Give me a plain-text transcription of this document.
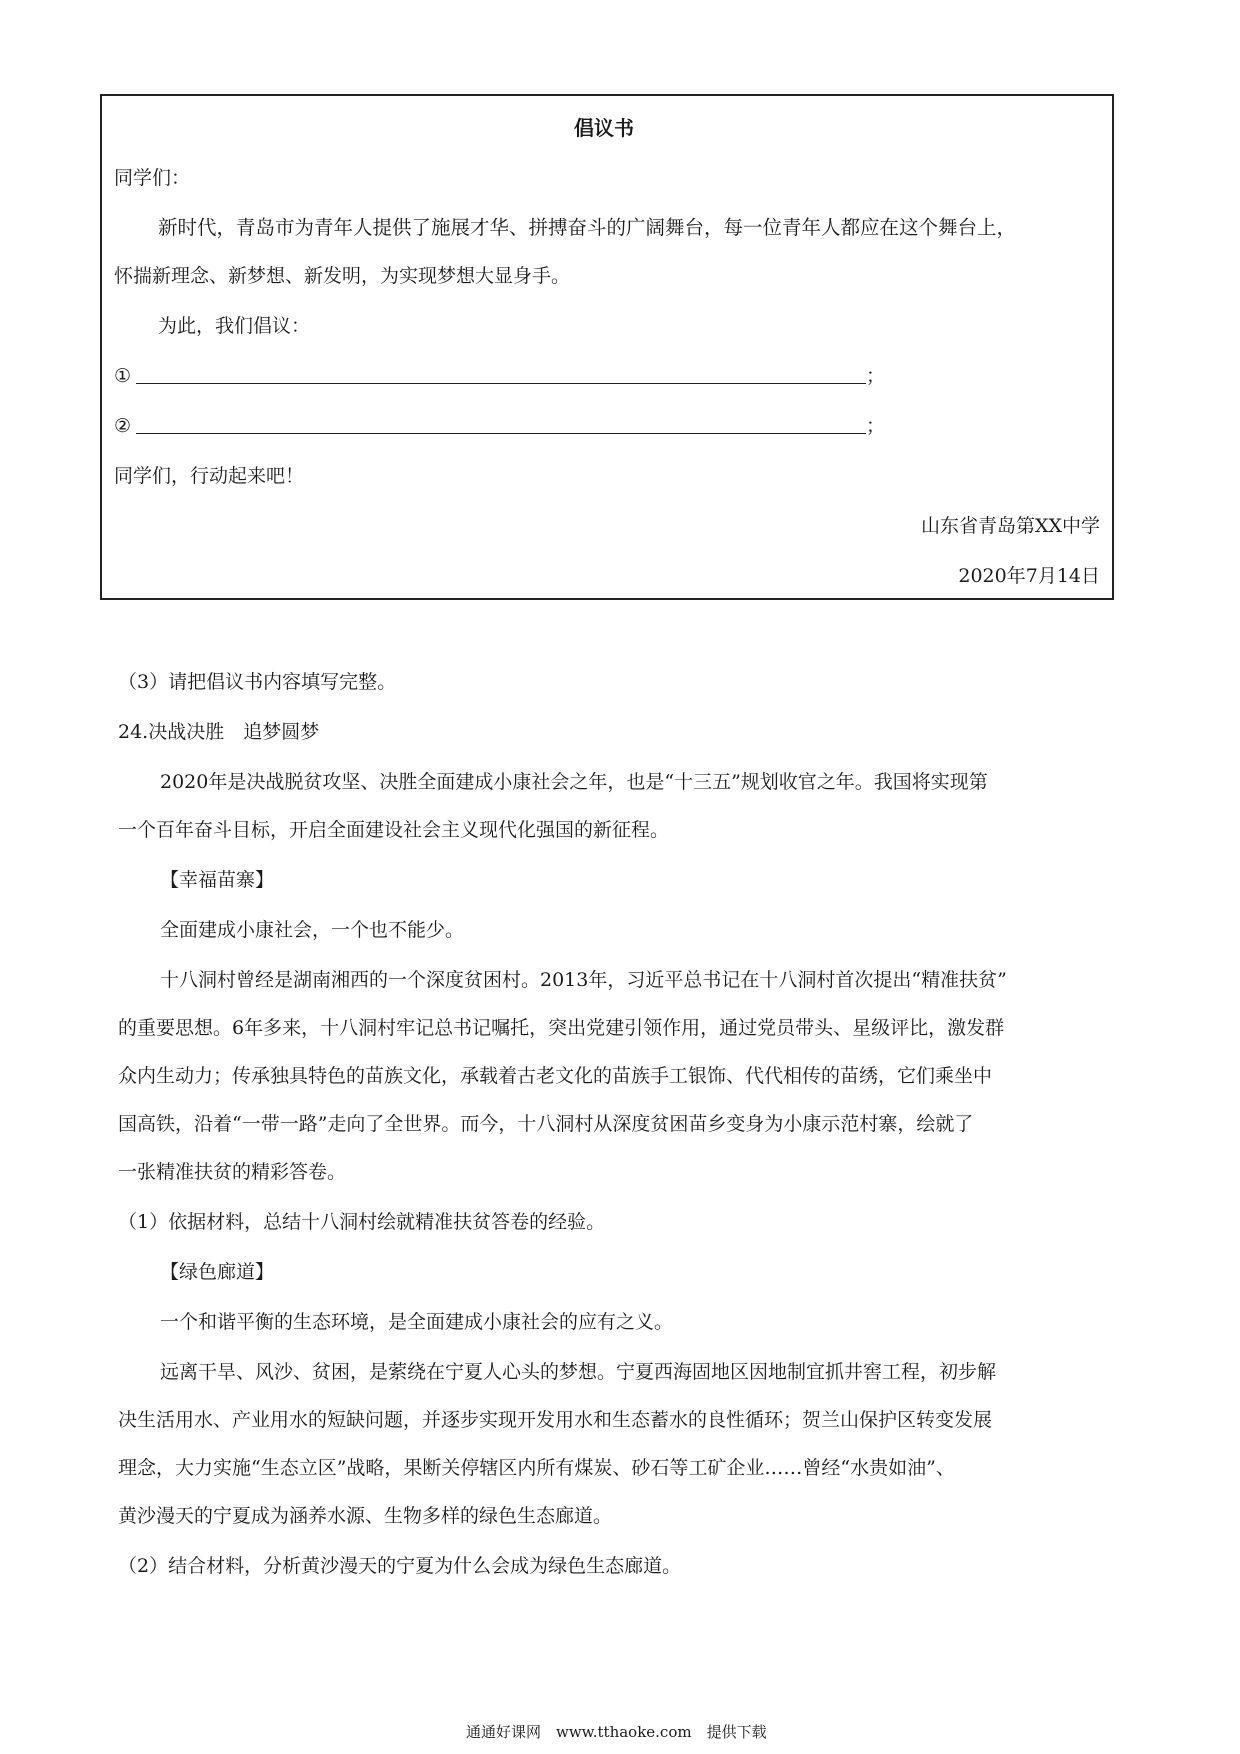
倡议书
同学们：
新时代，青岛市为青年人提供了施展才华、拼搏奋斗的广阔舞台，每一位青年人都应在这个舞台上，
怀揣新理念、新梦想、新发明，为实现梦想大显身手。
为此，我们倡议：
①	；
②	；
同学们，行动起来吧！
山东省青岛第XX中学
2020年7月14日
（3）请把倡议书内容填写完整。
24.决战决胜　追梦圆梦
2020年是决战脱贫攻坚、决胜全面建成小康社会之年，也是“十三五”规划收官之年。我国将实现第
一个百年奋斗目标，开启全面建设社会主义现代化强国的新征程。
【幸福苗寨】
全面建成小康社会，一个也不能少。
十八洞村曾经是湖南湘西的一个深度贫困村。2013年，习近平总书记在十八洞村首次提出“精准扶贫”
的重要思想。6年多来，十八洞村牢记总书记嘱托，突出党建引领作用，通过党员带头、星级评比，激发群
众内生动力；传承独具特色的苗族文化，承载着古老文化的苗族手工银饰、代代相传的苗绣，它们乘坐中
国高铁，沿着“一带一路”走向了全世界。而今，十八洞村从深度贫困苗乡变身为小康示范村寨，绘就了
一张精准扶贫的精彩答卷。
（1）依据材料，总结十八洞村绘就精准扶贫答卷的经验。
【绿色廊道】
一个和谐平衡的生态环境，是全面建成小康社会的应有之义。
远离干旱、风沙、贫困，是萦绕在宁夏人心头的梦想。宁夏西海固地区因地制宜抓井窖工程，初步解
决生活用水、产业用水的短缺问题，并逐步实现开发用水和生态蓄水的良性循环；贺兰山保护区转变发展
理念，大力实施“生态立区”战略，果断关停辖区内所有煤炭、砂石等工矿企业……曾经“水贵如油”、
黄沙漫天的宁夏成为涵养水源、生物多样的绿色生态廊道。
（2）结合材料，分析黄沙漫天的宁夏为什么会成为绿色生态廊道。
通通好课网　www.tthaoke.com　提供下载
